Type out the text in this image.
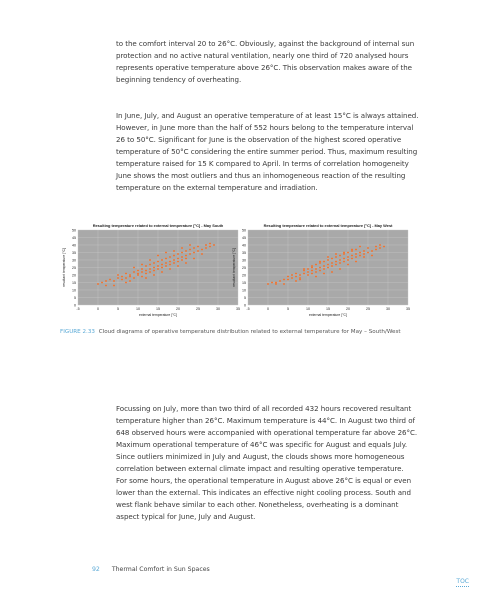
to the comfort interval 20 to 26°C. Obviously, against the background of internal sun protection and no active natural ventilation, nearly one third of 720 analysed hours represents operative temperature above 26°C. This observation makes aware of the beginning tendency of overheating.

In June, July, and August an operative temperature of at least 15°C is always attained. However, in June more than the half of 552 hours belong to the temperature interval 26 to 50°C. Significant for June is the observation of the highest scored operative temperature of 50°C considering the entire summer period. Thus, maximum resulting temperature raised for 15 K compared to April. In terms of correlation homogeneity June shows the most outliers and thus an inhomogeneous reaction of the resulting temperature on the external temperature and irradiation.

0
5
10
15
20
25
30
35
40
45
50
-5	0	5	10	15	20	25	30	35
Resulting temperature related to external temperature [°C] - May South
external temperature [°C]
resultant temperature [°C]
0
5
10
15
20
25
30
35
40
45
50
-5	0	5	10	15	20	25	30	35
Resulting temperature related to external temperature [°C] - May West
external temperature [°C]
resultant temperature [°C]
FIGURE 2.33 Cloud diagrams of operative temperature distribution related to external temperature for May – South/West

Focussing on July, more than two third of all recorded 432 hours recovered resultant temperature higher than 26°C. Maximum temperature is 44°C. In August two third of 648 observed hours were accompanied with operational temperature far above 26°C. Maximum operational temperature of 46°C was specific for August and equals July. Since outliers minimized in July and August, the clouds shows more homogeneous correlation between external climate impact and resulting operative temperature.

For some hours, the operational temperature in August above 26°C is equal or even lower than the external. This indicates an effective night cooling process. South and west flank behave similar to each other. Nonetheless, overheating is a dominant aspect typical for June, July and August.

92 Thermal Comfort in Sun Spaces
TOC
